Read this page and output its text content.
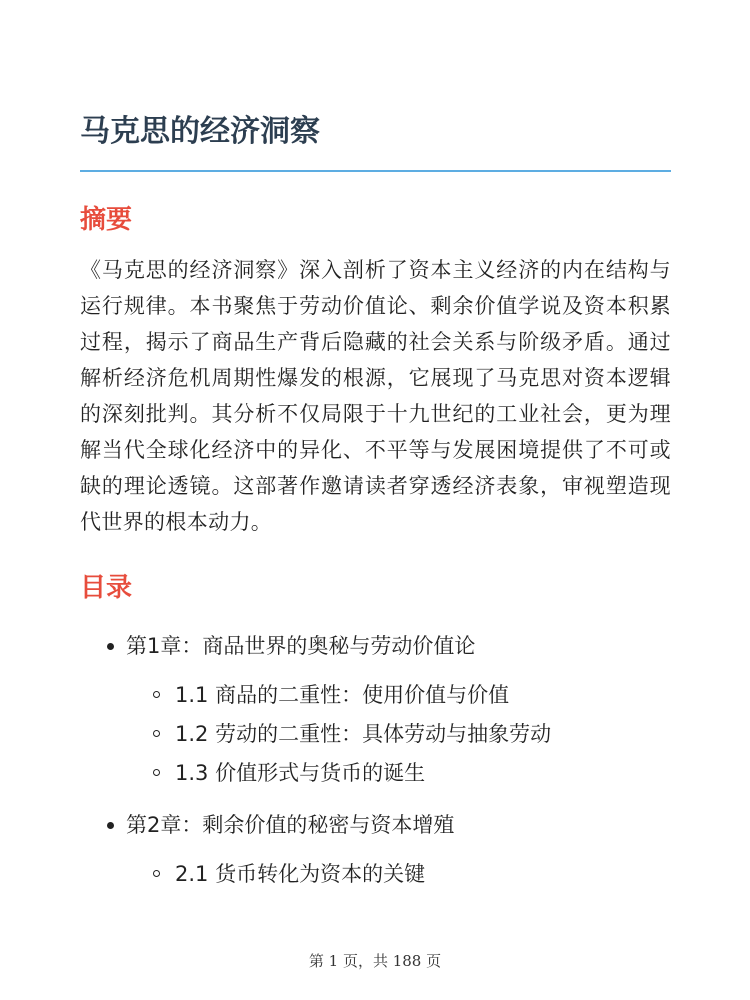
马克思的经济洞察
摘要

《马克思的经济洞察》深入剖析了资本主义经济的内在结构与运行规律。本书聚焦于劳动价值论、剩余价值学说及资本积累过程，揭示了商品生产背后隐藏的社会关系与阶级矛盾。通过解析经济危机周期性爆发的根源，它展现了马克思对资本逻辑的深刻批判。其分析不仅局限于十九世纪的工业社会，更为理解当代全球化经济中的异化、不平等与发展困境提供了不可或缺的理论透镜。这部著作邀请读者穿透经济表象，审视塑造现代世界的根本动力。

目录
第1章：商品世界的奥秘与劳动价值论
1.1 商品的二重性：使用价值与价值
1.2 劳动的二重性：具体劳动与抽象劳动
1.3 价值形式与货币的诞生
第2章：剩余价值的秘密与资本增殖
2.1 货币转化为资本的关键
第 1 页，共 188 页
